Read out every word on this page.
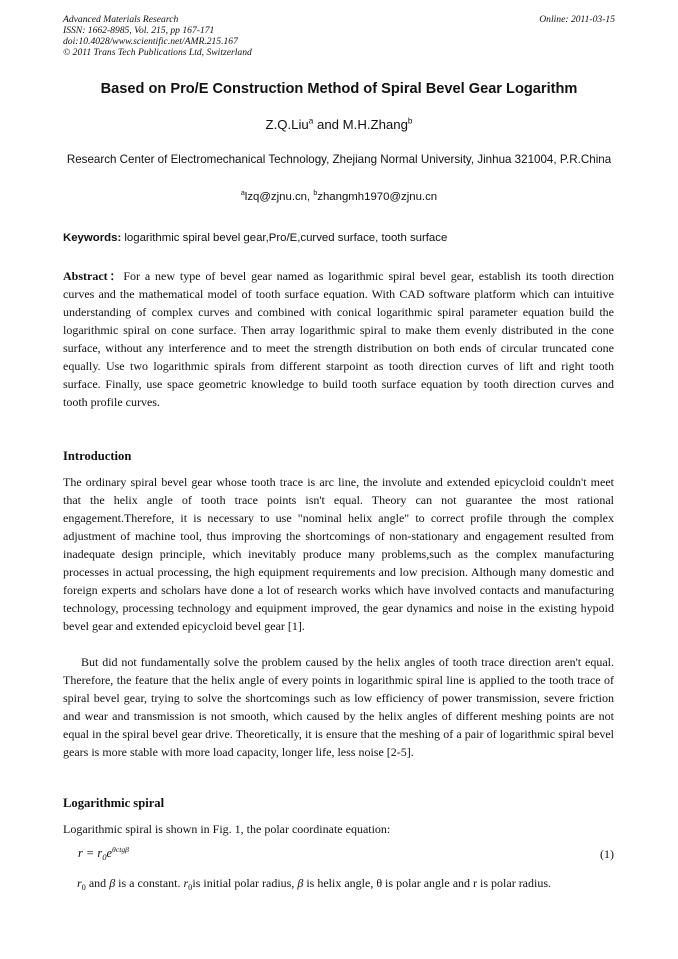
Advanced Materials Research
ISSN: 1662-8985, Vol. 215, pp 167-171
doi:10.4028/www.scientific.net/AMR.215.167
© 2011 Trans Tech Publications Ltd, Switzerland
Online: 2011-03-15
Based on Pro/E Construction Method of Spiral Bevel Gear Logarithm
Z.Q.Liu$^a$ and M.H.Zhang$^b$
Research Center of Electromechanical Technology, Zhejiang Normal University, Jinhua 321004, P.R.China
$^a$lzq@zjnu.cn, $^b$zhangmh1970@zjnu.cn
Keywords: logarithmic spiral bevel gear,Pro/E,curved surface, tooth surface
Abstract：For a new type of bevel gear named as logarithmic spiral bevel gear, establish its tooth direction curves and the mathematical model of tooth surface equation. With CAD software platform which can intuitive understanding of complex curves and combined with conical logarithmic spiral parameter equation build the logarithmic spiral on cone surface. Then array logarithmic spiral to make them evenly distributed in the cone surface, without any interference and to meet the strength distribution on both ends of circular truncated cone equally. Use two logarithmic spirals from different starpoint as tooth direction curves of lift and right tooth surface. Finally, use space geometric knowledge to build tooth surface equation by tooth direction curves and tooth profile curves.
Introduction
The ordinary spiral bevel gear whose tooth trace is arc line, the involute and extended epicycloid couldn't meet that the helix angle of tooth trace points isn't equal. Theory can not guarantee the most rational engagement.Therefore, it is necessary to use "nominal helix angle" to correct profile through the complex adjustment of machine tool, thus improving the shortcomings of non-stationary and engagement resulted from inadequate design principle, which inevitably produce many problems,such as the complex manufacturing processes in actual processing, the high equipment requirements and low precision. Although many domestic and foreign experts and scholars have done a lot of research works which have involved contacts and manufacturing technology, processing technology and equipment improved, the gear dynamics and noise in the existing hypoid bevel gear and extended epicycloid bevel gear [1].
But did not fundamentally solve the problem caused by the helix angles of tooth trace direction aren't equal. Therefore, the feature that the helix angle of every points in logarithmic spiral line is applied to the tooth trace of spiral bevel gear, trying to solve the shortcomings such as low efficiency of power transmission, severe friction and wear and transmission is not smooth, which caused by the helix angles of different meshing points are not equal in the spiral bevel gear drive. Theoretically, it is ensure that the meshing of a pair of logarithmic spiral bevel gears is more stable with more load capacity, longer life, less noise [2-5].
Logarithmic spiral
Logarithmic spiral is shown in Fig. 1, the polar coordinate equation:
$r = r_0e^{\theta ctg\beta}$	(1)
$r_0$ and β is a constant. $r_0is$ initial polar radius, β is helix angle, θ is polar angle and r is polar radius.
